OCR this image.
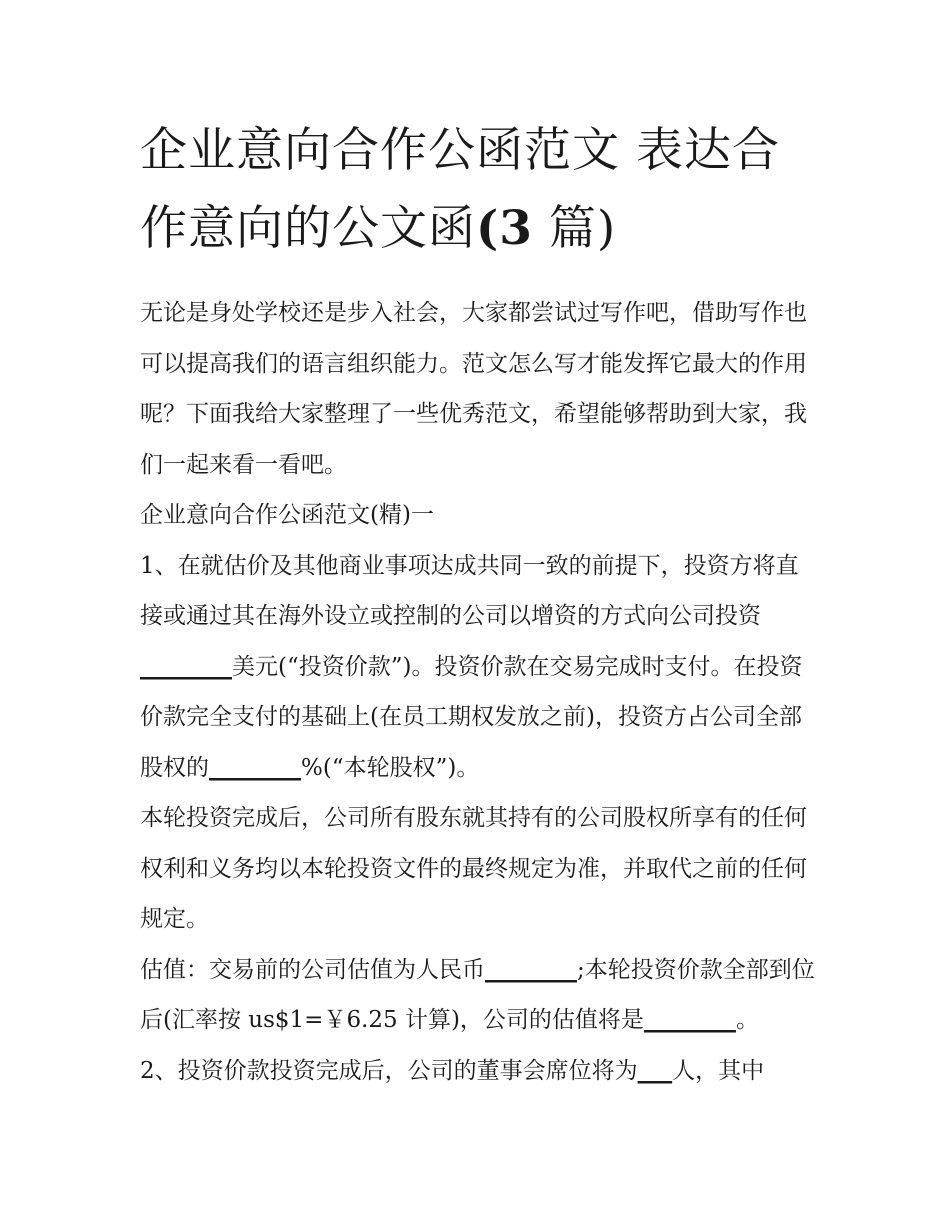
企业意向合作公函范文 表达合
作意向的公文函(3 篇)

无论是身处学校还是步入社会，大家都尝试过写作吧，借助写作也可以提高我们的语言组织能力。范文怎么写才能发挥它最大的作用呢？下面我给大家整理了一些优秀范文，希望能够帮助到大家，我们一起来看一看吧。

企业意向合作公函范文(精)一

1、在就估价及其他商业事项达成共同一致的前提下，投资方将直接或通过其在海外设立或控制的公司以增资的方式向公司投资________美元(“投资价款”)。投资价款在交易完成时支付。在投资价款完全支付的基础上(在员工期权发放之前)，投资方占公司全部股权的________%(“本轮股权”)。

本轮投资完成后，公司所有股东就其持有的公司股权所享有的任何权利和义务均以本轮投资文件的最终规定为准，并取代之前的任何规定。

估值：交易前的公司估值为人民币________;本轮投资价款全部到位后(汇率按 us$1=￥6.25 计算)，公司的估值将是________。

2、投资价款投资完成后，公司的董事会席位将为___人，其中
